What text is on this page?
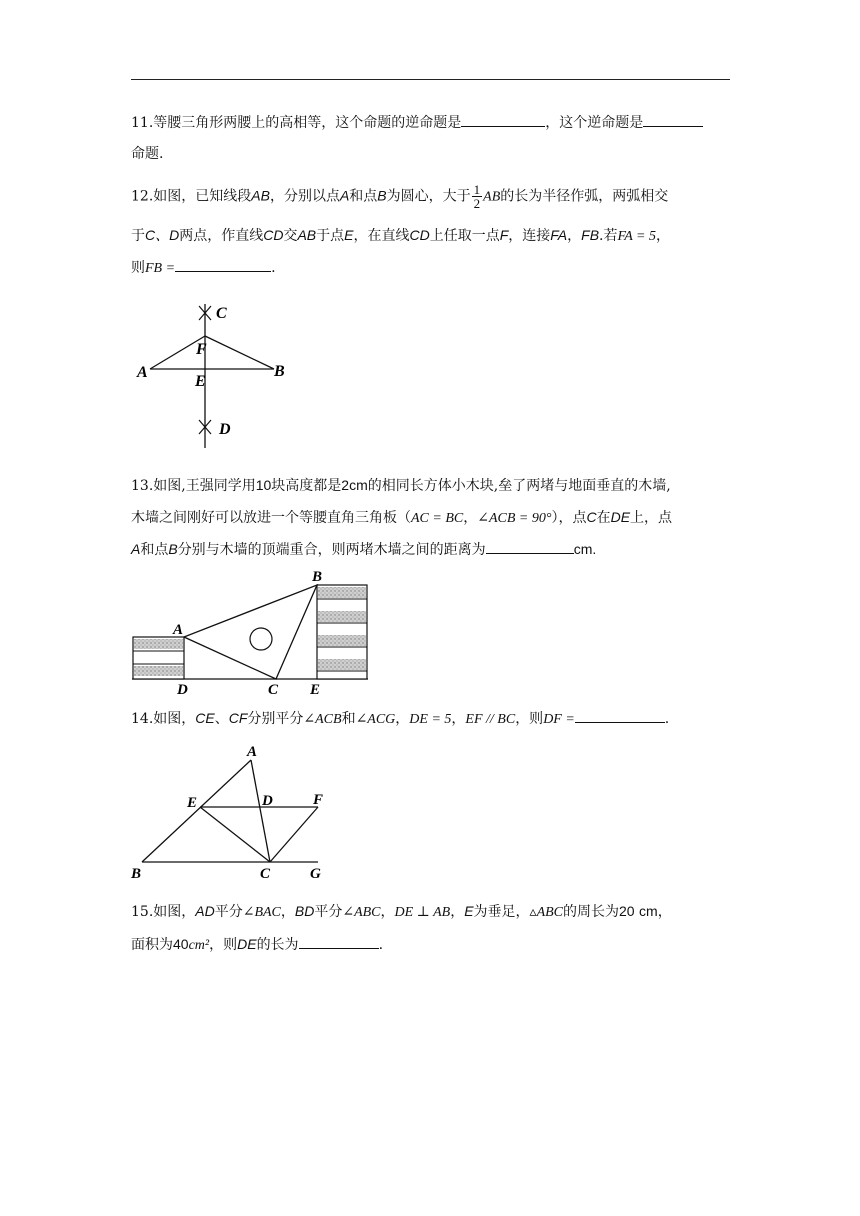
11.等腰三角形两腰上的高相等，这个命题的逆命题是	，这个逆命题是
命题.
12.如图，已知线段AB，分别以点A和点B为圆心，大于 $\frac{1}{2}$ AB的长为半径作弧，两弧相交
于C、D两点，作直线CD交AB于点E，在直线CD上任取一点F，连接FA，FB.若FA = 5，
则FB =	.
C
F
A
E
B
D
13.如图,王强同学用10块高度都是2cm的相同长方体小木块,垒了两堵与地面垂直的木墙,
木墙之间刚好可以放进一个等腰直角三角板（AC = BC，∠ACB = 90°），点C在DE上，点
A和点B分别与木墙的顶端重合，则两堵木墙之间的距离为	cm.
A
B
C
D	E
14.如图，CE、CF分别平分∠ACB和∠ACG，DE = 5，EF // BC，则DF =	.
A
E	D	F
B	C	G
15.如图，AD平分∠BAC，BD平分∠ABC，DE ⊥ AB，E为垂足，▵ABC的周长为20 cm，
面积为40cm²，则DE的长为	.
